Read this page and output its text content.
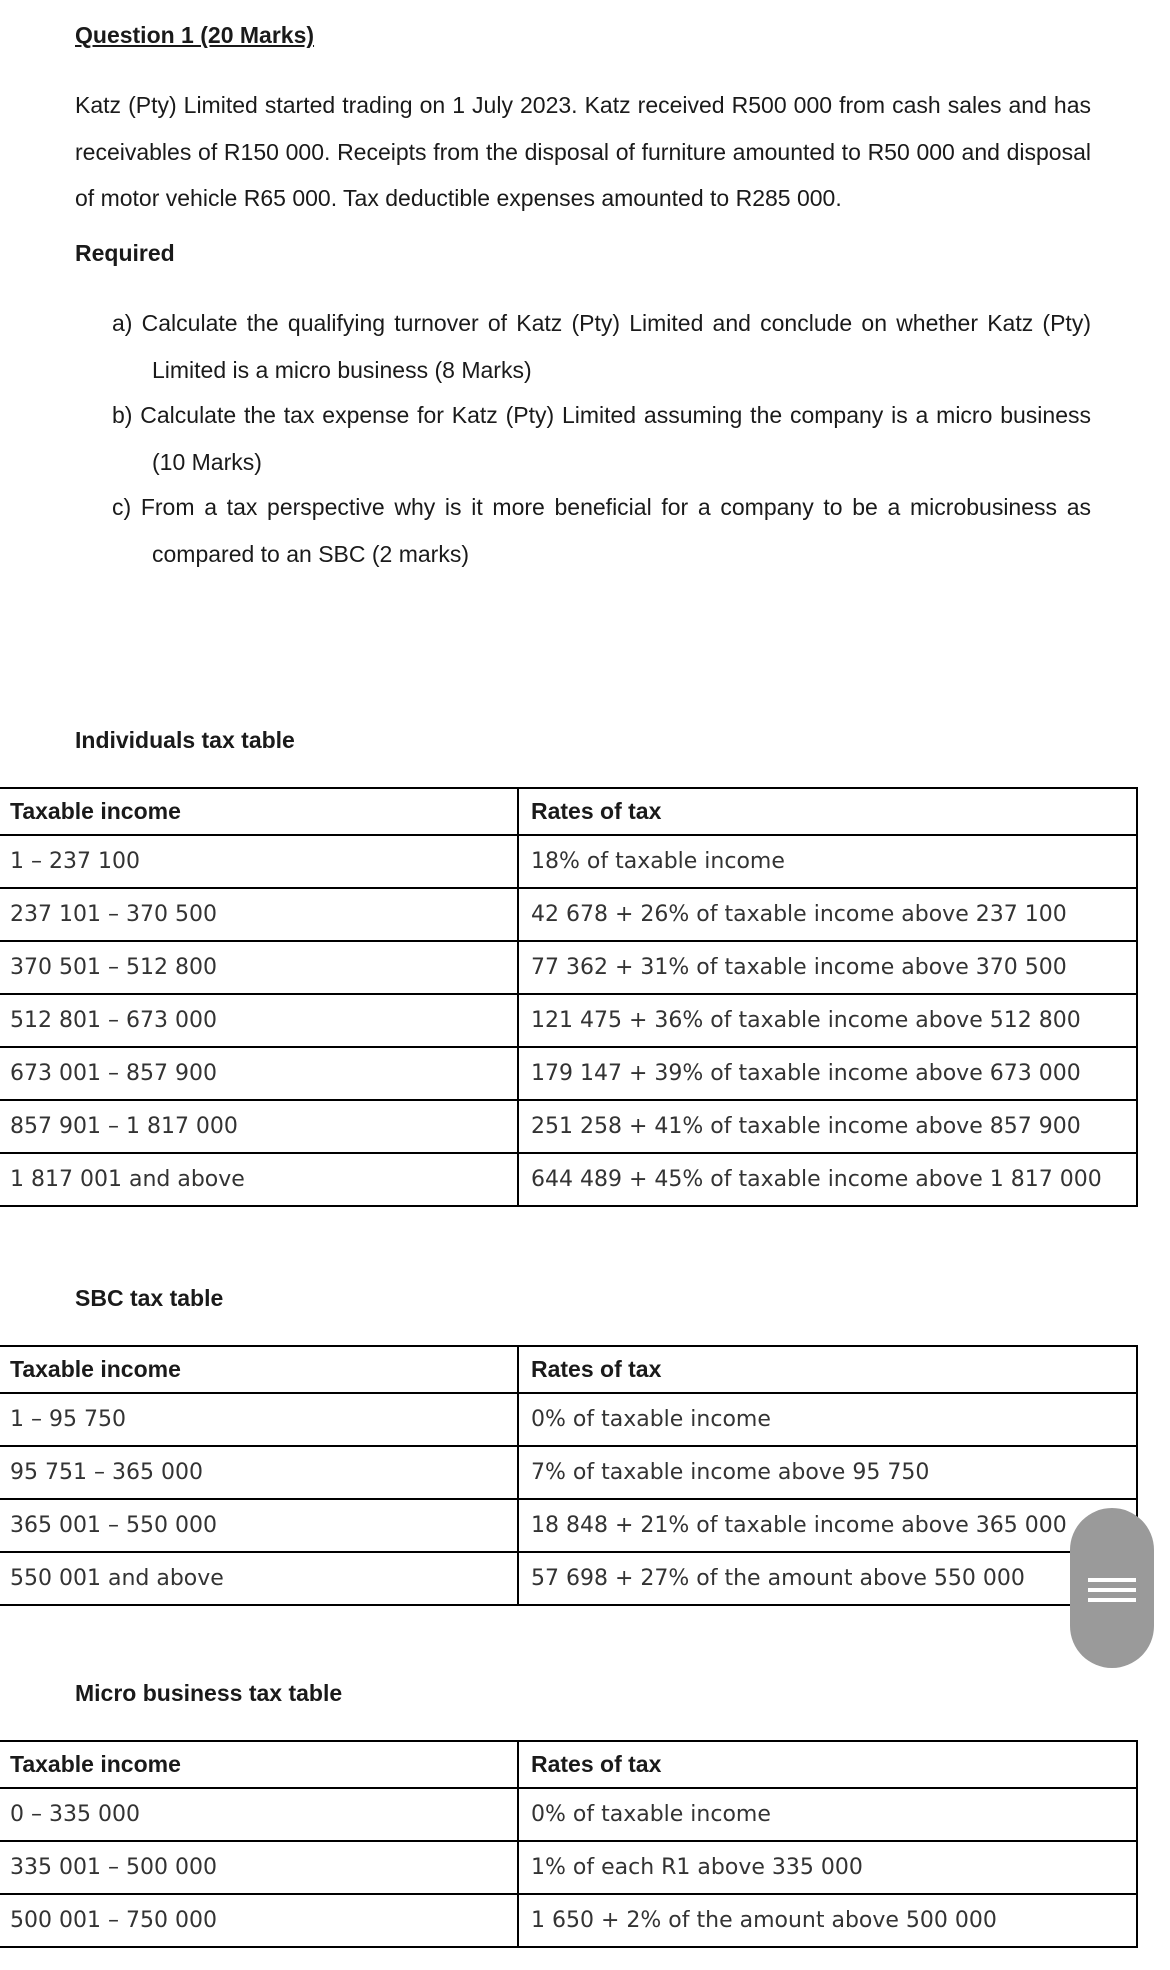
Question 1 (20 Marks)
Katz (Pty) Limited started trading on 1 July 2023. Katz received R500 000 from cash sales and has receivables of R150 000. Receipts from the disposal of furniture amounted to R50 000 and disposal of motor vehicle R65 000. Tax deductible expenses amounted to R285 000.
Required

a) Calculate the qualifying turnover of Katz (Pty) Limited and conclude on whether Katz (Pty) Limited is a micro business (8 Marks)

b) Calculate the tax expense for Katz (Pty) Limited assuming the company is a micro business (10 Marks)

c) From a tax perspective why is it more beneficial for a company to be a microbusiness as compared to an SBC (2 marks)

Individuals tax table
Taxable income	Rates of tax
1 – 237 100	18% of taxable income
237 101 – 370 500	42 678 + 26% of taxable income above 237 100
370 501 – 512 800	77 362 + 31% of taxable income above 370 500
512 801 – 673 000	121 475 + 36% of taxable income above 512 800
673 001 – 857 900	179 147 + 39% of taxable income above 673 000
857 901 – 1 817 000	251 258 + 41% of taxable income above 857 900
1 817 001 and above	644 489 + 45% of taxable income above 1 817 000
SBC tax table
Taxable income	Rates of tax
1 – 95 750	0% of taxable income
95 751 – 365 000	7% of taxable income above 95 750
365 001 – 550 000	18 848 + 21% of taxable income above 365 000
550 001 and above	57 698 + 27% of the amount above 550 000
Micro business tax table
Taxable income	Rates of tax
0 – 335 000	0% of taxable income
335 001 – 500 000	1% of each R1 above 335 000
500 001 – 750 000	1 650 + 2% of the amount above 500 000
